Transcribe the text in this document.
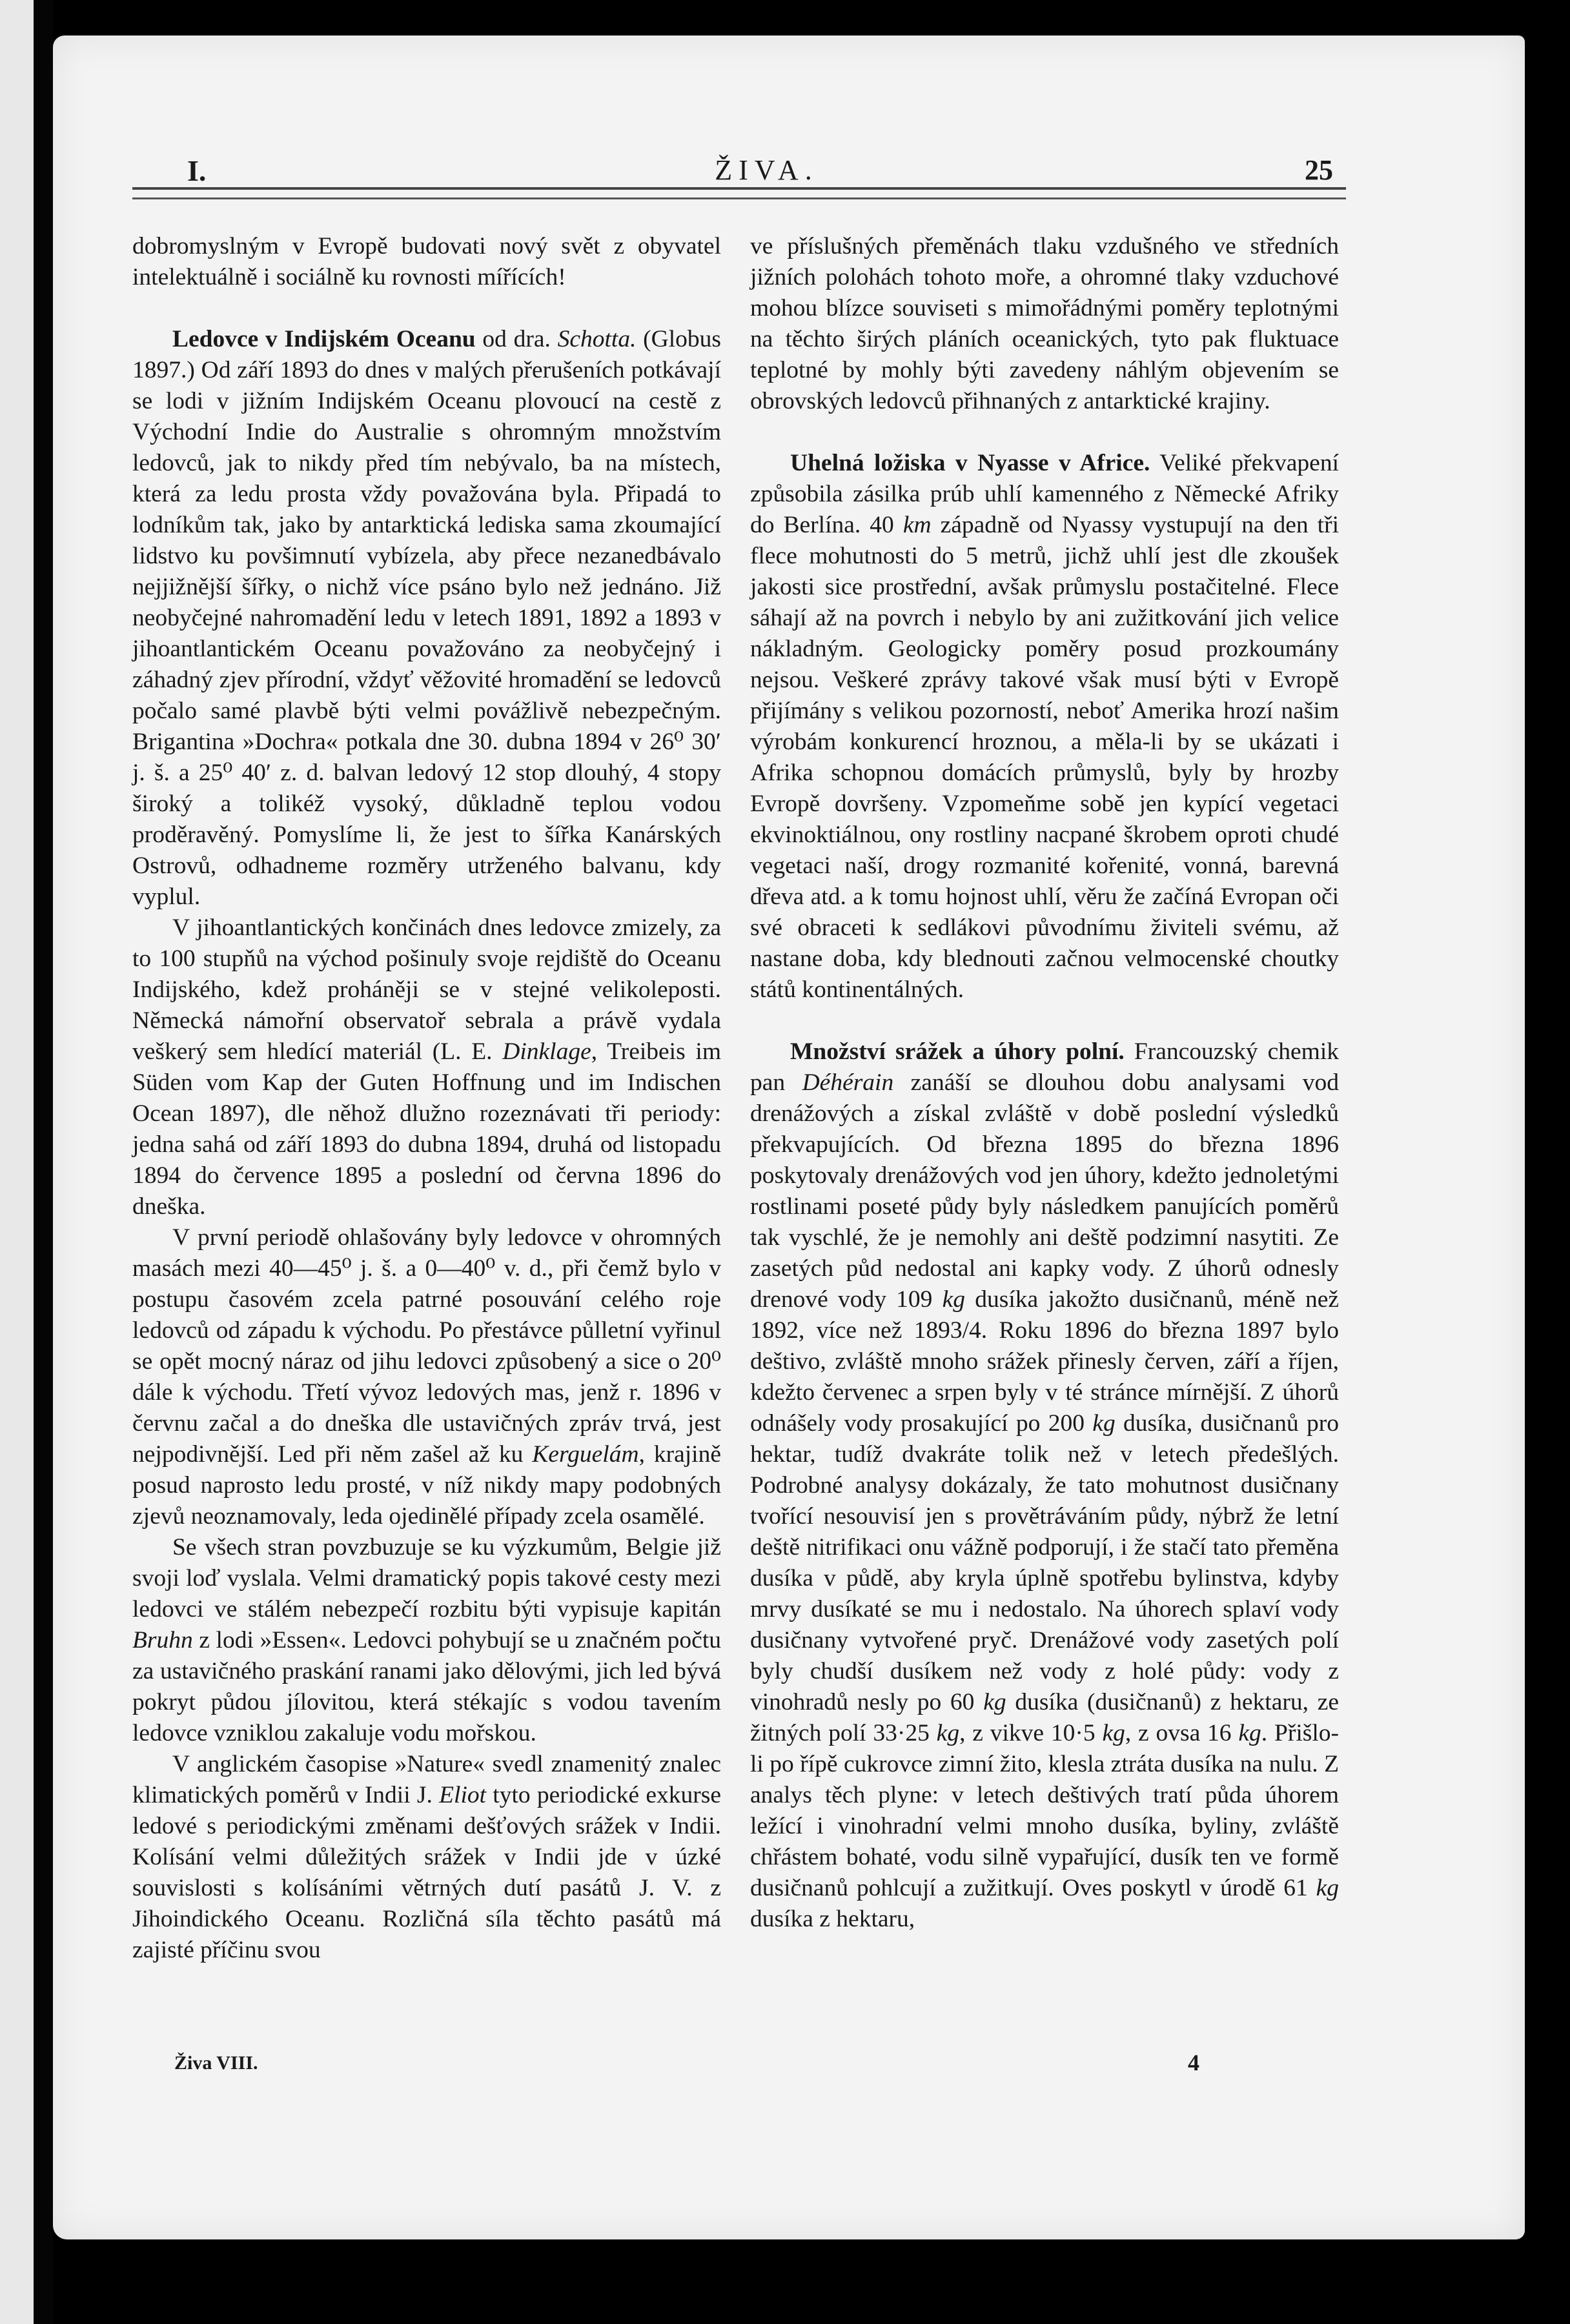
I.	ŽIVA.	25

dobromyslným v Evropě budovati nový svět z obyvatel intelektuálně i sociálně ku rovnosti mířících!

Ledovce v Indijském Oceanu od dra. Schotta. (Globus 1897.) Od září 1893 do dnes v malých přerušeních potkávají se lodi v jižním Indijském Oceanu plovoucí na cestě z Východní Indie do Australie s ohromným množstvím ledovců, jak to nikdy před tím nebývalo, ba na místech, která za ledu prosta vždy považována byla. Připadá to lodníkům tak, jako by antarktická lediska sama zkoumající lidstvo ku povšimnutí vybízela, aby přece nezanedbávalo nejjižnější šířky, o nichž více psáno bylo než jednáno. Již neobyčejné nahromadění ledu v letech 1891, 1892 a 1893 v jihoantlantickém Oceanu považováno za neobyčejný i záhadný zjev přírodní, vždyť věžovité hromadění se ledovců počalo samé plavbě býti velmi povážlivě nebezpečným. Brigantina »Dochra« potkala dne 30. dubna 1894 v 26⁰ 30′ j. š. a 25⁰ 40′ z. d. balvan ledový 12 stop dlouhý, 4 stopy široký a tolikéž vysoký, důkladně teplou vodou proděravěný. Pomyslíme li, že jest to šířka Kanárských Ostrovů, odhadneme rozměry utrženého balvanu, kdy vyplul.

V jihoantlantických končinách dnes ledovce zmizely, za to 100 stupňů na východ pošinuly svoje rejdiště do Oceanu Indijského, kdež proháněji se v stejné velikoleposti. Německá námořní observatoř sebrala a právě vydala veškerý sem hledící materiál (L. E. Dinklage, Treibeis im Süden vom Kap der Guten Hoffnung und im Indischen Ocean 1897), dle něhož dlužno rozeznávati tři periody: jedna sahá od září 1893 do dubna 1894, druhá od listopadu 1894 do července 1895 a poslední od června 1896 do dneška.

V první periodě ohlašovány byly ledovce v ohromných masách mezi 40—45⁰ j. š. a 0—40⁰ v. d., při čemž bylo v postupu časovém zcela patrné posouvání celého roje ledovců od západu k východu. Po přestávce půlletní vyřinul se opět mocný náraz od jihu ledovci způsobený a sice o 20⁰ dále k východu. Třetí vývoz ledových mas, jenž r. 1896 v červnu začal a do dneška dle ustavičných zpráv trvá, jest nejpodivnější. Led při něm zašel až ku Kerguelám, krajině posud naprosto ledu prosté, v níž nikdy mapy podobných zjevů neoznamovaly, leda ojedinělé případy zcela osamělé.

Se všech stran povzbuzuje se ku výzkumům, Belgie již svoji loď vyslala. Velmi dramatický popis takové cesty mezi ledovci ve stálém nebezpečí rozbitu býti vypisuje kapitán Bruhn z lodi »Essen«. Ledovci pohybují se u značném počtu za ustavičného praskání ranami jako dělovými, jich led bývá pokryt půdou jílovitou, která stékajíc s vodou tavením ledovce vzniklou zakaluje vodu mořskou.

V anglickém časopise »Nature« svedl znamenitý znalec klimatických poměrů v Indii J. Eliot tyto periodické exkurse ledové s periodickými změnami dešťových srážek v Indii. Kolísání velmi důležitých srážek v Indii jde v úzké souvislosti s kolísáními větrných dutí pasátů J. V. z Jihoindického Oceanu. Rozličná síla těchto pasátů má zajisté příčinu svou

ve příslušných přeměnách tlaku vzdušného ve středních jižních polohách tohoto moře, a ohromné tlaky vzduchové mohou blízce souviseti s mimořádnými poměry teplotnými na těchto širých pláních oceanických, tyto pak fluktuace teplotné by mohly býti zavedeny náhlým objevením se obrovských ledovců přihnaných z antarktické krajiny.

Uhelná ložiska v Nyasse v Africe. Veliké překvapení způsobila zásilka prúb uhlí kamenného z Německé Afriky do Berlína. 40 km západně od Nyassy vystupují na den tři flece mohutnosti do 5 metrů, jichž uhlí jest dle zkoušek jakosti sice prostřední, avšak průmyslu postačitelné. Flece sáhají až na povrch i nebylo by ani zužitkování jich velice nákladným. Geologicky poměry posud prozkoumány nejsou. Veškeré zprávy takové však musí býti v Evropě přijímány s velikou pozorností, neboť Amerika hrozí našim výrobám konkurencí hroznou, a měla-li by se ukázati i Afrika schopnou domácích průmyslů, byly by hrozby Evropě dovršeny. Vzpomeňme sobě jen kypící vegetaci ekvinoktiálnou, ony rostliny nacpané škrobem oproti chudé vegetaci naší, drogy rozmanité kořenité, vonná, barevná dřeva atd. a k tomu hojnost uhlí, věru že začíná Evropan oči své obraceti k sedlákovi původnímu živiteli svému, až nastane doba, kdy blednouti začnou velmocenské choutky států kontinentálných.

Množství srážek a úhory polní. Francouzský chemik pan Déhérain zanáší se dlouhou dobu analysami vod drenážových a získal zvláště v době poslední výsledků překvapujících. Od března 1895 do března 1896 poskytovaly drenážových vod jen úhory, kdežto jednoletými rostlinami poseté půdy byly následkem panujících poměrů tak vyschlé, že je nemohly ani deště podzimní nasytiti. Ze zasetých půd nedostal ani kapky vody. Z úhorů odnesly drenové vody 109 kg dusíka jakožto dusičnanů, méně než 1892, více než 1893/4. Roku 1896 do března 1897 bylo deštivo, zvláště mnoho srážek přinesly červen, září a říjen, kdežto červenec a srpen byly v té stránce mírnější. Z úhorů odnášely vody prosakující po 200 kg dusíka, dusičnanů pro hektar, tudíž dvakráte tolik než v letech předešlých. Podrobné analysy dokázaly, že tato mohutnost dusičnany tvořící nesouvisí jen s provětráváním půdy, nýbrž že letní deště nitrifikaci onu vážně podporují, i že stačí tato přeměna dusíka v půdě, aby kryla úplně spotřebu bylinstva, kdyby mrvy dusíkaté se mu i nedostalo. Na úhorech splaví vody dusičnany vytvořené pryč. Drenážové vody zasetých polí byly chudší dusíkem než vody z holé půdy: vody z vinohradů nesly po 60 kg dusíka (dusičnanů) z hektaru, ze žitných polí 33·25 kg, z vikve 10·5 kg, z ovsa 16 kg. Přišlo-li po řípě cukrovce zimní žito, klesla ztráta dusíka na nulu. Z analys těch plyne: v letech deštivých tratí půda úhorem ležící i vinohradní velmi mnoho dusíka, byliny, zvláště chřástem bohaté, vodu silně vypařující, dusík ten ve formě dusičnanů pohlcují a zužitkují. Oves poskytl v úrodě 61 kg dusíka z hektaru,

Živa VIII.	4
